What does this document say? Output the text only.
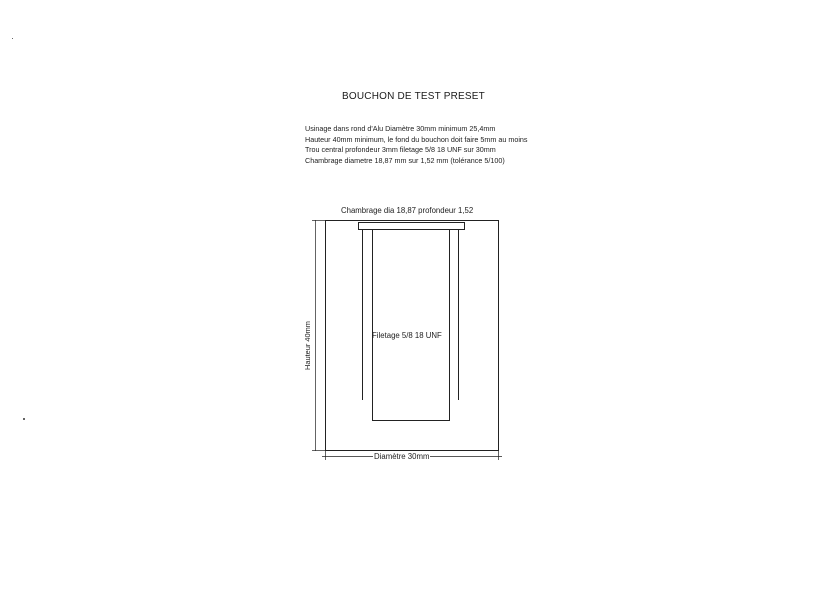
BOUCHON DE TEST PRESET
Usinage dans rond d'Alu Diamètre 30mm minimum 25,4mm
Hauteur 40mm minimum, le fond du bouchon doit faire 5mm au moins
Trou central profondeur 3mm filetage 5/8 18 UNF sur 30mm
Chambrage diametre 18,87 mm sur 1,52 mm (tolérance 5/100)
Chambrage dia 18,87 profondeur 1,52
Filetage 5/8 18 UNF
Hauteur 40mm
Diamètre 30mm
